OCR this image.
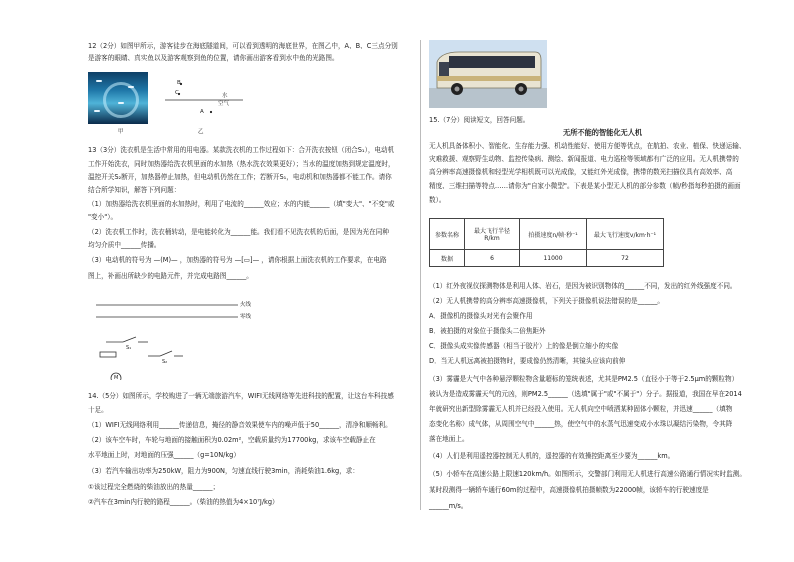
12（2分）如图甲所示，游客徒步在海底隧道间，可以看到透明的海底世界，在图乙中，A、B、C三点分别
是游客的眼睛、真实鱼以及游客观察到鱼的位置，请你画出游客看到水中鱼的光路图。
B.
C.	水
空气
A
甲	乙
13（3分）洗衣机是生活中常用的用电器。某款洗衣机的工作过程如下：合开洗衣按钮（闭合S₁），电动机
工作开始洗衣，同时加热器给洗衣机里面的水加热（热水洗衣效果更好）；当水的温度加热到规定温度时，
温控开关S₂断开，加热器停止加热，但电动机仍然在工作；若断开S₁，电动机和加热器都不能工作。请你
结合所学知识，解答下列问题：
（1）加热器给洗衣机里面的水加热时，利用了电流的______效应；水的内能______（填"变大"、"不变"或
"变小"）。
（2）洗衣机工作时，洗衣桶转动，是电能转化为______能。我们看不见洗衣机的后面，是因为光在同种
均匀介质中______传播。
（3）电动机的符号为 —(M)— ，加热器的符号为 —[▭]— ，请你根据上面洗衣机的工作要求，在电路
图上，补画出所缺少的电路元件，并完成电路图______。
火线
零线
S₁
S₂
M
14.（5分）如图所示，学校购进了一辆无端旅游汽车，WIFI无线网络等先进科技的配置，让这台车科技感
十足。
（1）WIFI无线网络利用______传递信息，掩径的静音效果使车内的噪声低于50______，清净和顺畅利。
（2）该车空车时，车轮与地面的接触面积为0.02m²，空载质量约为17700kg，求该车空载静止在
水平地面上时，对地面的压强______（g=10N/kg）
（3）若汽车输出功率为250kW，阻力为900N，匀速直线行驶3min，消耗柴油1.6kg，求：
①该过程完全燃烧的柴油放出的热量______；
②汽车在3min内行驶的路程______。（柴油的热值为4×10⁷J/kg）
15.（7分）阅读短文，回答问题。
无所不能的智能化无人机
无人机具备体积小、智能化、生存能力强、机动性能好、使用方便等优点，在航拍、农业、植保、快递运输、
灾难救援、观察野生动物、监控传染病、测绘、新闻报道、电力巡检等领域都有广泛的应用。无人机携带的
高分辨率高速摄像机和轻型光学相机既可以光成像，又能红外光成像，携带的数光扫描仪具有高效率、高
精度、三维扫描等特点……请你为"自家小微型"。下表是某小型无人机的部分参数（帧/秒指每秒拍摄的画面
数）。
参数名称	最大飞行半径R/km	拍摄速度n/帧·秒⁻¹	最大飞行速度v/km·h⁻¹
数据	6	11000	72
（1）红外夜视仪探测物体是利用人体、岩石，是因为被识别物体的______不同，发出的红外线强度不同。
（2）无人机携带的高分辨率高速摄像机，下列关于摄像机说法错误的是______。
A．摄像机的摄像头对光有会聚作用
B．被拍摄的对象位于摄像头二倍焦距外
C．摄像头成实像传感器（相当于胶片）上的像是倒立缩小的实像
D．当无人机远离被拍摄物时，要成像仍然清晰，其镜头应该向前伸
（3）雾霾是大气中各种悬浮颗粒物含量超标的笼统表述，尤其是PM2.5（直径小于等于2.5μm的颗粒物）
被认为是造成雾霾天气的元凶，则PM2.5______（选填"属于"或"不属于"）分子。据报道，我国在早在2014
年就研究出新型除雾霾无人机并已经投入使用。无人机向空中喷洒某种固体小颗粒，并迅速______（填物
态变化名称）成气体，从周围空气中______热，使空气中的水蒸气迅速变成小水珠以凝结污染物，令其降
落在地面上。
（4）人们是利用遥控器控制无人机的，遥控器的有效操控距离至少要为______km。
（5）小轿车在高速公路上限速120km/h。如图所示，交警部门利用无人机进行高速公路通行情况实时监测。
某时段测得一辆轿车通行60m的过程中，高速摄像机拍摄帧数为22000帧，该轿车的行驶速度是
______m/s。
